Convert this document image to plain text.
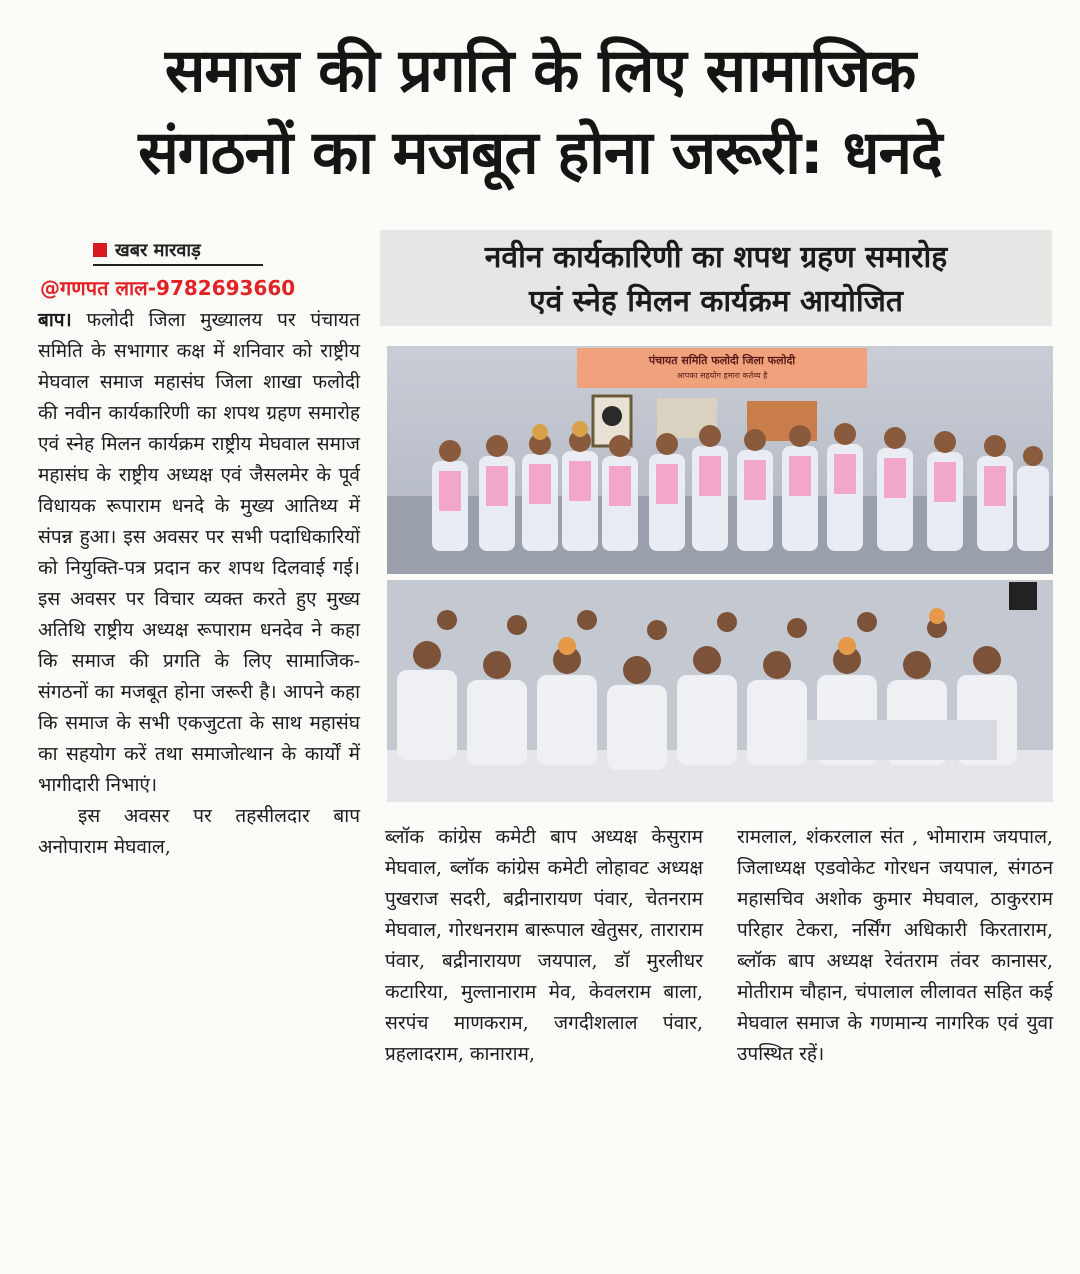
समाज की प्रगति के लिए सामाजिक
संगठनों का मजबूत होना जरूरी: धनदे
खबर मारवाड़
@गणपत लाल-9782693660

बाप। फलोदी जिला मुख्यालय पर पंचायत समिति के सभागार कक्ष में शनिवार को राष्ट्रीय मेघवाल समाज महासंघ जिला शाखा फलोदी की नवीन कार्यकारिणी का शपथ ग्रहण समारोह एवं स्नेह मिलन कार्यक्रम राष्ट्रीय मेघवाल समाज महासंघ के राष्ट्रीय अध्यक्ष एवं जैसलमेर के पूर्व विधायक रूपाराम धनदे के मुख्य आतिथ्य में संपन्न हुआ। इस अवसर पर सभी पदाधिकारियों को नियुक्ति-पत्र प्रदान कर शपथ दिलवाई गई। इस अवसर पर विचार व्यक्त करते हुए मुख्य अतिथि राष्ट्रीय अध्यक्ष रूपाराम धनदेव ने कहा कि समाज की प्रगति के लिए सामाजिक-संगठनों का मजबूत होना जरूरी है। आपने कहा कि समाज के सभी एकजुटता के साथ महासंघ का सहयोग करें तथा समाजोत्थान के कार्यों में भागीदारी निभाएं।

इस अवसर पर तहसीलदार बाप अनोपाराम मेघवाल,

नवीन कार्यकारिणी का शपथ ग्रहण समारोह
एवं स्नेह मिलन कार्यक्रम आयोजित
पंचायत समिति फलोदी जिला फलोदी
आपका सहयोग हमारा कर्तव्य है

ब्लॉक कांग्रेस कमेटी बाप अध्यक्ष केसुराम मेघवाल, ब्लॉक कांग्रेस कमेटी लोहावट अध्यक्ष पुखराज सदरी, बद्रीनारायण पंवार, चेतनराम मेघवाल, गोरधनराम बारूपाल खेतुसर, ताराराम पंवार, बद्रीनारायण जयपाल, डॉ मुरलीधर कटारिया, मुल्तानाराम मेव, केवलराम बाला, सरपंच माणकराम, जगदीशलाल पंवार, प्रहलादराम, कानाराम,

रामलाल, शंकरलाल संत , भोमाराम जयपाल, जिलाध्यक्ष एडवोकेट गोरधन जयपाल, संगठन महासचिव अशोक कुमार मेघवाल, ठाकुरराम परिहार टेकरा, नर्सिंग अधिकारी किरताराम, ब्लॉक बाप अध्यक्ष रेवंतराम तंवर कानासर, मोतीराम चौहान, चंपालाल लीलावत सहित कई मेघवाल समाज के गणमान्य नागरिक एवं युवा उपस्थित रहें।
